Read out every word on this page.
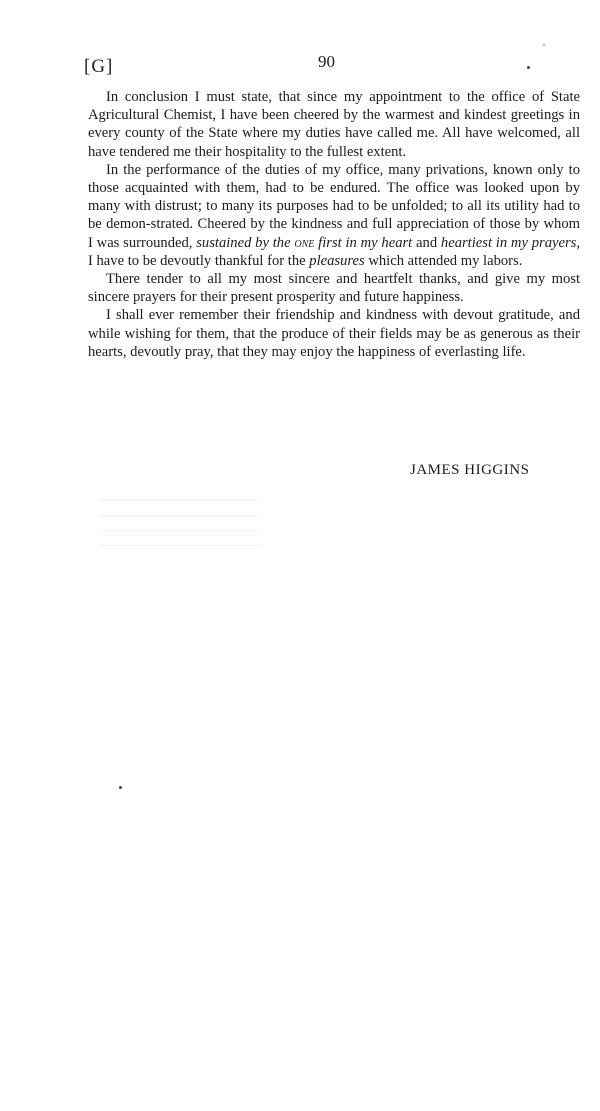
[G]	90

In conclusion I must state, that since my appointment to the office of State Agricultural Chemist, I have been cheered by the warmest and kindest greetings in every county of the State where my duties have called me. All have welcomed, all have tendered me their hospitality to the fullest extent.

In the performance of the duties of my office, many privations, known only to those acquainted with them, had to be endured. The office was looked upon by many with distrust; to many its purposes had to be unfolded; to all its utility had to be demon-strated. Cheered by the kindness and full appreciation of those by whom I was surrounded, sustained by the one first in my heart and heartiest in my prayers, I have to be devoutly thankful for the pleasures which attended my labors.

There tender to all my most sincere and heartfelt thanks, and give my most sincere prayers for their present prosperity and future happiness.

I shall ever remember their friendship and kindness with devout gratitude, and while wishing for them, that the produce of their fields may be as generous as their hearts, devoutly pray, that they may enjoy the happiness of everlasting life.

JAMES HIGGINS
